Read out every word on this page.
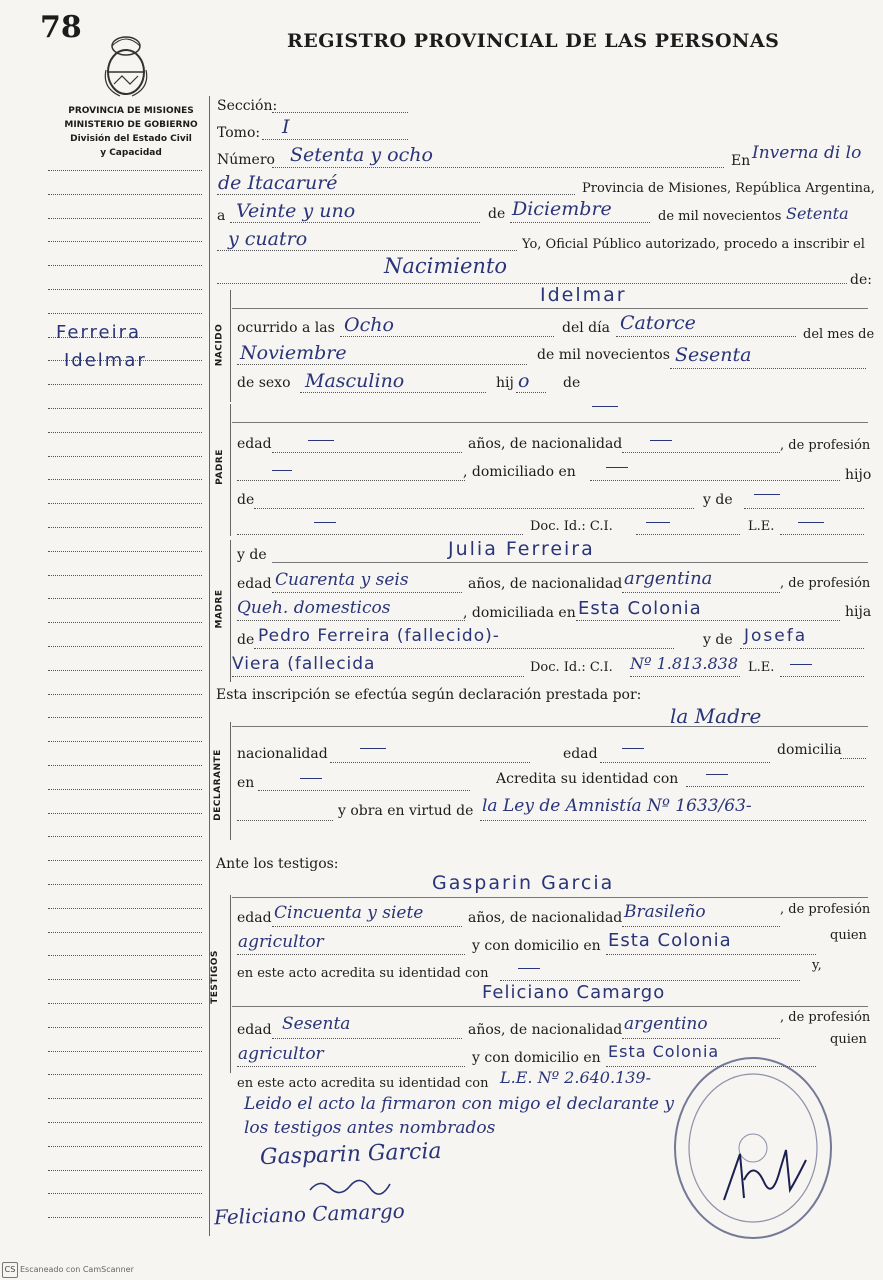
78	REGISTRO PROVINCIAL DE LAS PERSONAS
PROVINCIA DE MISIONES
MINISTERIO DE GOBIERNO
División del Estado Civil
y Capacidad
Ferreira
Idelmar	NACIDO
PADRE
MADRE
DECLARANTE
TESTIGOS
Sección:
Tomo: I
Número Setenta y ocho	En Inverna di lo
de Itacaruré	Provincia de Misiones, República Argentina,
a Veinte y uno	de Diciembre	de mil novecientos Setenta
y cuatro	Yo, Oficial Público autorizado, procedo a inscribir el
Nacimiento
de:
Idelmar
ocurrido a las Ocho	del día Catorce
del mes de
Noviembre	de mil novecientos Sesenta
de sexo Masculino	hij o de
edad	años, de nacionalidad	, de profesión
, domiciliado en	hijo
de	y de
Doc. Id.: C.I.	L.E.
y de	Julia Ferreira
edad Cuarenta y seis	años, de nacionalidad argentina	, de profesión
Queh. domesticos	, domiciliada en Esta Colonia	hija
de Pedro Ferreira (fallecido)-	y de Josefa
Viera (fallecida	Doc. Id.: C.I. Nº 1.813.838 L.E.
Esta inscripción se efectúa según declaración prestada por:
la Madre
nacionalidad	edad	domicilia
en	Acredita su identidad con
y obra en virtud de la Ley de Amnistía Nº 1633/63-
Ante los testigos:
Gasparin Garcia
edad Cincuenta y siete	años, de nacionalidad Brasileño	, de profesión
agricultor	y con domicilio en Esta Colonia	quien
en este acto acredita su identidad con
y,
Feliciano Camargo
edad Sesenta	años, de nacionalidad argentino	, de profesión
agricultor	y con domicilio en Esta Colonia
quien
en este acto acredita su identidad con L.E. Nº 2.640.139-
Leido el acto la firmaron con migo el declarante y
los testigos antes nombrados
Gasparin Garcia
Feliciano Camargo
CS Escaneado con CamScanner
